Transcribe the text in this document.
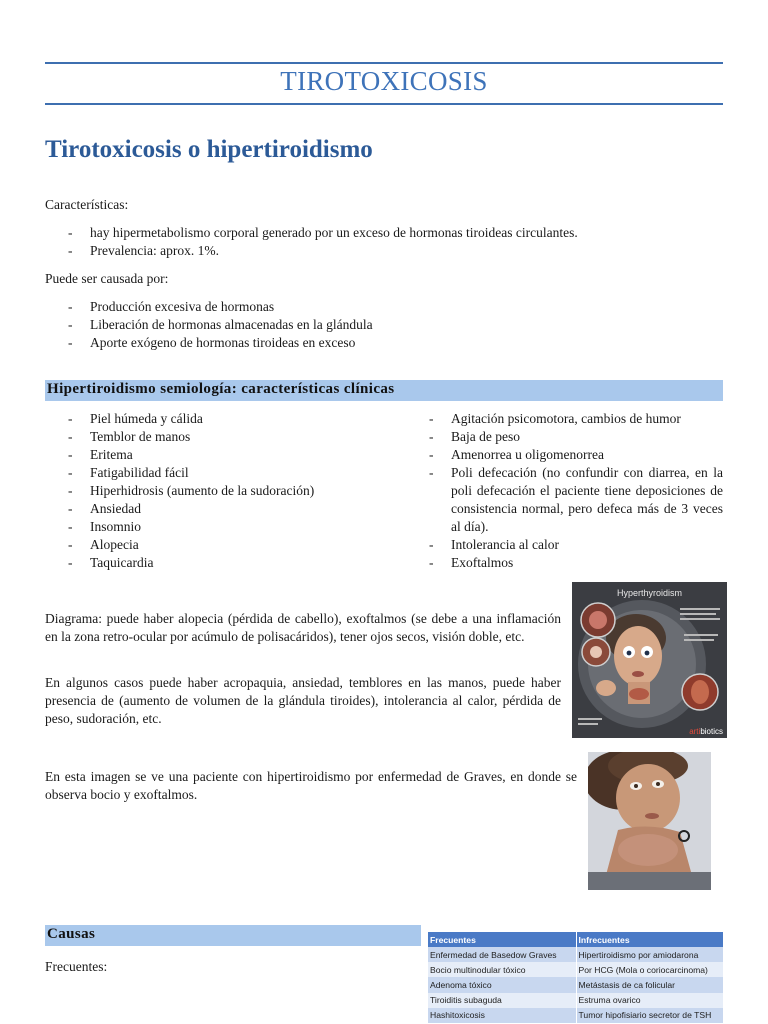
TIROTOXICOSIS
Tirotoxicosis o hipertiroidismo
Características:
- hay hipermetabolismo corporal generado por un exceso de hormonas tiroideas circulantes.
- Prevalencia: aprox. 1%.
Puede ser causada por:
- Producción excesiva de hormonas
- Liberación de hormonas almacenadas en la glándula
- Aporte exógeno de hormonas tiroideas en exceso
Hipertiroidismo semiología: características clínicas
- Piel húmeda y cálida
- Temblor de manos
- Eritema
- Fatigabilidad fácil
- Hiperhidrosis (aumento de la sudoración)
- Ansiedad
- Insomnio
- Alopecia
- Taquicardia
- Agitación psicomotora, cambios de humor
- Baja de peso
- Amenorrea u oligomenorrea
- Poli defecación (no confundir con diarrea, en la poli defecación el paciente tiene deposiciones de consistencia normal, pero defeca más de 3 veces al día).
- Intolerancia al calor
- Exoftalmos
Diagrama: puede haber alopecia (pérdida de cabello), exoftalmos (se debe a una inflamación en la zona retro-ocular por acúmulo de polisacáridos), tener ojos secos, visión doble, etc.
En algunos casos puede haber acropaquia, ansiedad, temblores en las manos, puede haber presencia de (aumento de volumen de la glándula tiroides), intolerancia al calor, pérdida de peso, sudoración, etc.
Hyperthyroidism
artibiotics
En esta imagen se ve una paciente con hipertiroidismo por enfermedad de Graves, en donde se observa bocio y exoftalmos.
Causas
Frecuentes:
Frecuentes	Infrecuentes
Enfermedad de Basedow Graves	Hipertiroidismo por amiodarona
Bocio multinodular tóxico	Por HCG (Mola o coriocarcinoma)
Adenoma tóxico	Metástasis de ca folicular
Tiroiditis subaguda	Estruma ovarico
Hashitoxicosis	Tumor hipofisiario secretor de TSH
